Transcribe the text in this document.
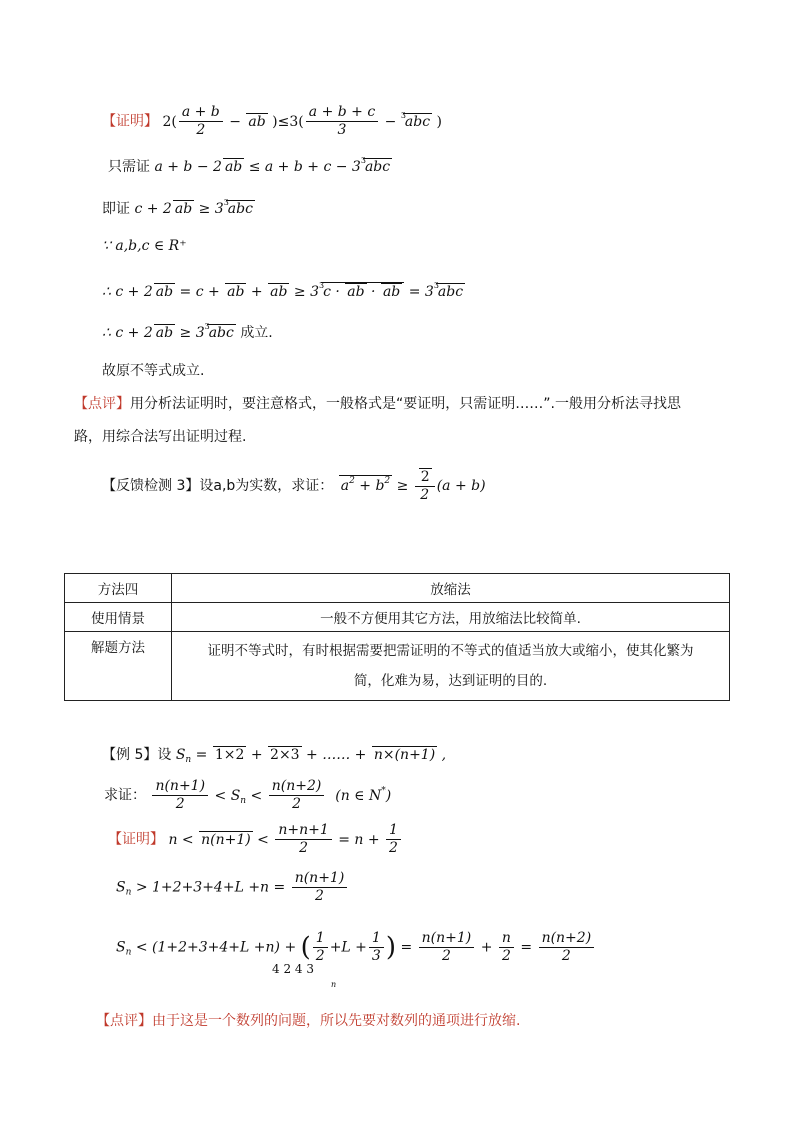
【证明】 $2( \frac{a + b}{2}$ − ab )$\le 3( \frac{a + b + c}{3} - ^3abc$ )
只需证 a + b − 2 ab ≤ $a + b + c - 3^3abc$
即证 c + 2 ab ≥ $3^3abc$
∵ a,b,c ∈ R⁺
∴ c + 2 ab = c + ab + ab ≥ $3^3c$ · ab · ab = $3^3abc$
∴ c + 2 ab ≥ $3^3abc$ 成立.
故原不等式成立.
【点评】用分析法证明时，要注意格式，一般格式是“要证明，只需证明……”.一般用分析法寻找思
路，用综合法写出证明过程.
【反馈检测 3】设a,b为实数，求证： $a^2 + b^2 \ge \frac{2}{2} (a + b)$
方法四	放缩法
使用情景	一般不方便用其它方法，用放缩法比较简单.
解题方法	证明不等式时，有时根据需要把需证明的不等式的值适当放大或缩小，使其化繁为
简，化难为易，达到证明的目的.
【例 5】设 $S_n = 1\times 2 + 2\times 3$ + …… + n×(n+1) ,
求证： $\frac{n(n+1)}{2} < S_n < \frac{n(n+2)}{2} (n$ ∈ N*)
【证明】 $n < n(n+1) < \frac{n+n+1}{2} = n + \frac{1}{2}$
$S_n > 1+2+3+4+L +n = \frac{n(n+1)}{2}$
$S_n < (1+2+3+4+L +n)$ + ( $\frac{1}{2} +L + \frac{1}{3}$ ) = $\frac{n(n+1)}{2} + \frac{n}{2} = \frac{n(n+2)}{2}$
4 2 4 3
n
【点评】由于这是一个数列的问题，所以先要对数列的通项进行放缩.
